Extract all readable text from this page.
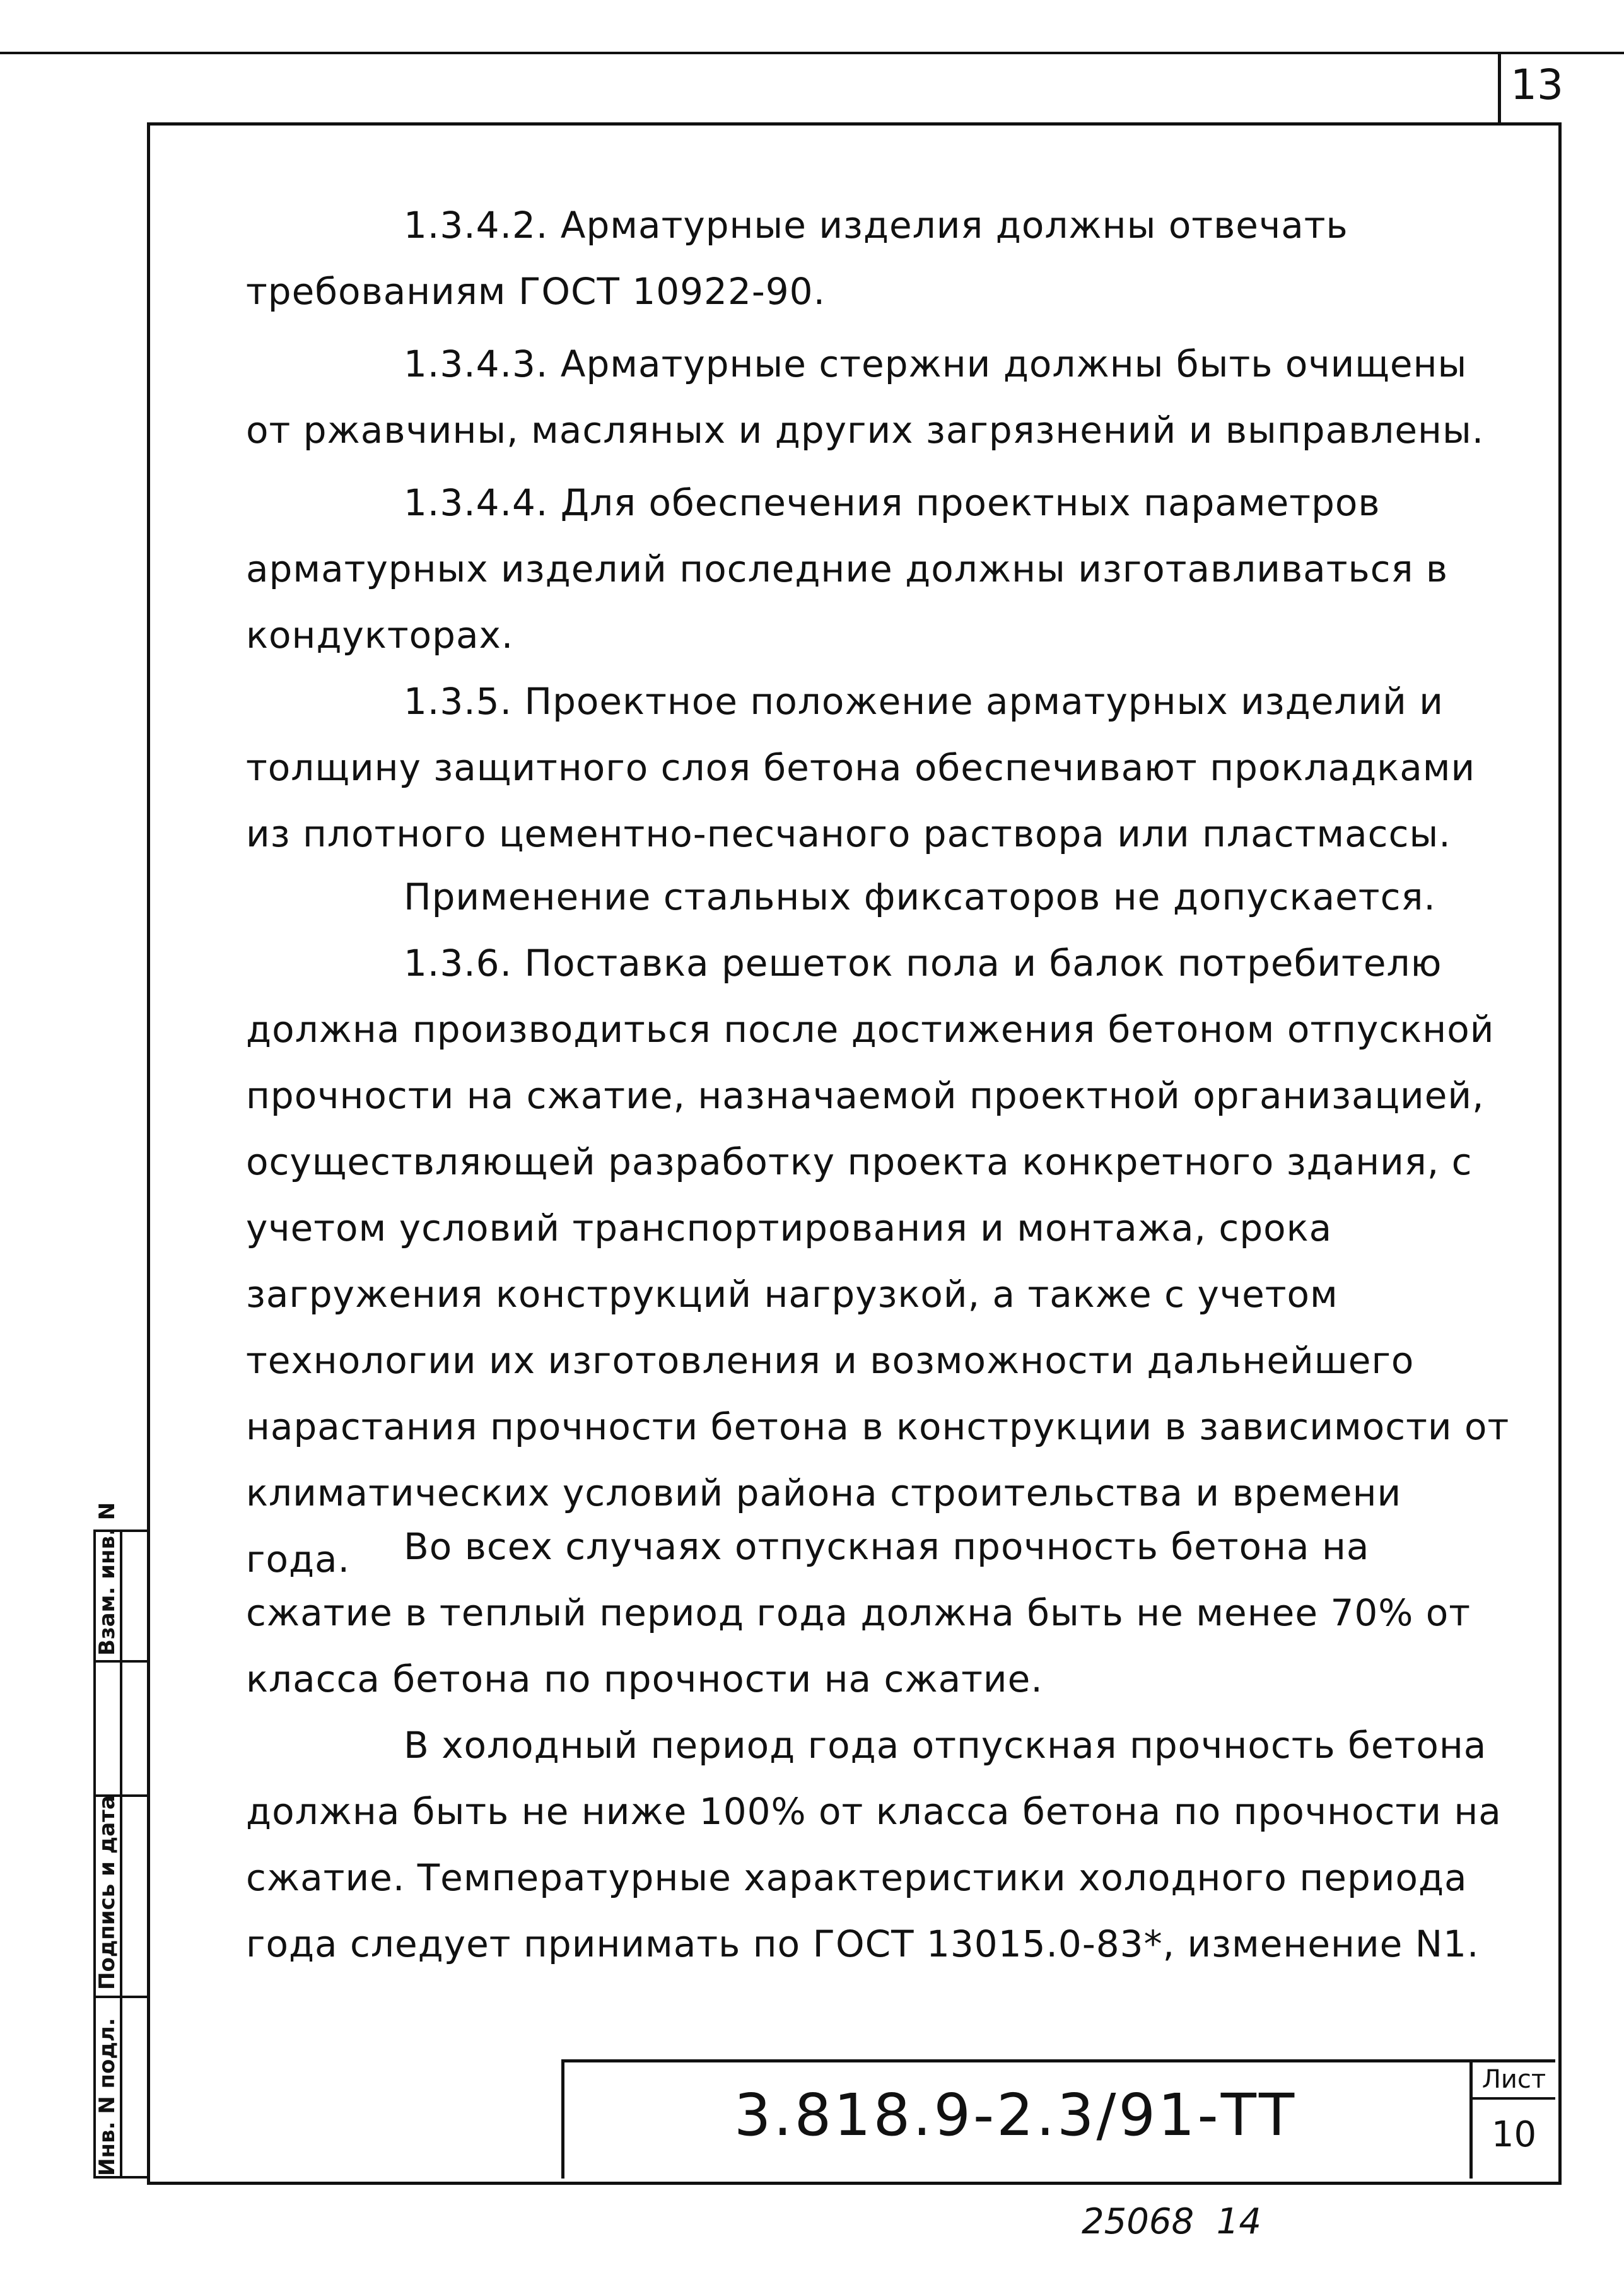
13
1.3.4.2. Арматурные изделия должны отвечать требованиям ГОСТ 10922-90.
1.3.4.3. Арматурные стержни должны быть очищены от ржавчины, масляных и других загрязнений и выправлены.
1.3.4.4. Для обеспечения проектных параметров арматурных изделий последние должны изготавливаться в кондукторах.
1.3.5. Проектное положение арматурных изделий и толщину защитного слоя бетона обеспечивают прокладками из плотного цементно-песчаного раствора или пластмассы.
Применение стальных фиксаторов не допускается.
1.3.6. Поставка решеток пола и балок потребителю должна производиться после достижения бетоном отпускной прочности на сжатие, назначаемой проектной организацией, осуществляющей разработку проекта конкретного здания, с учетом условий транспортирования и монтажа, срока загружения конструкций нагрузкой, а также с учетом технологии их изготовления и возможности дальнейшего нарастания прочности бетона в конструкции в зависимости от климатических условий района строительства и времени года.	Во всех случаях отпускная прочность бетона на сжатие в теплый период года должна быть не менее 70% от класса бетона по прочности на сжатие.
В холодный период года отпускная прочность бетона должна быть не ниже 100% от класса бетона по прочности на сжатие. Температурные характеристики холодного периода года следует принимать по ГОСТ 13015.0-83*, изменение N1.
Взам. инв. N
Подпись и дата
Инв. N подл.	3.818.9-2.3/91-ТТ
Лист
10
25068  14
